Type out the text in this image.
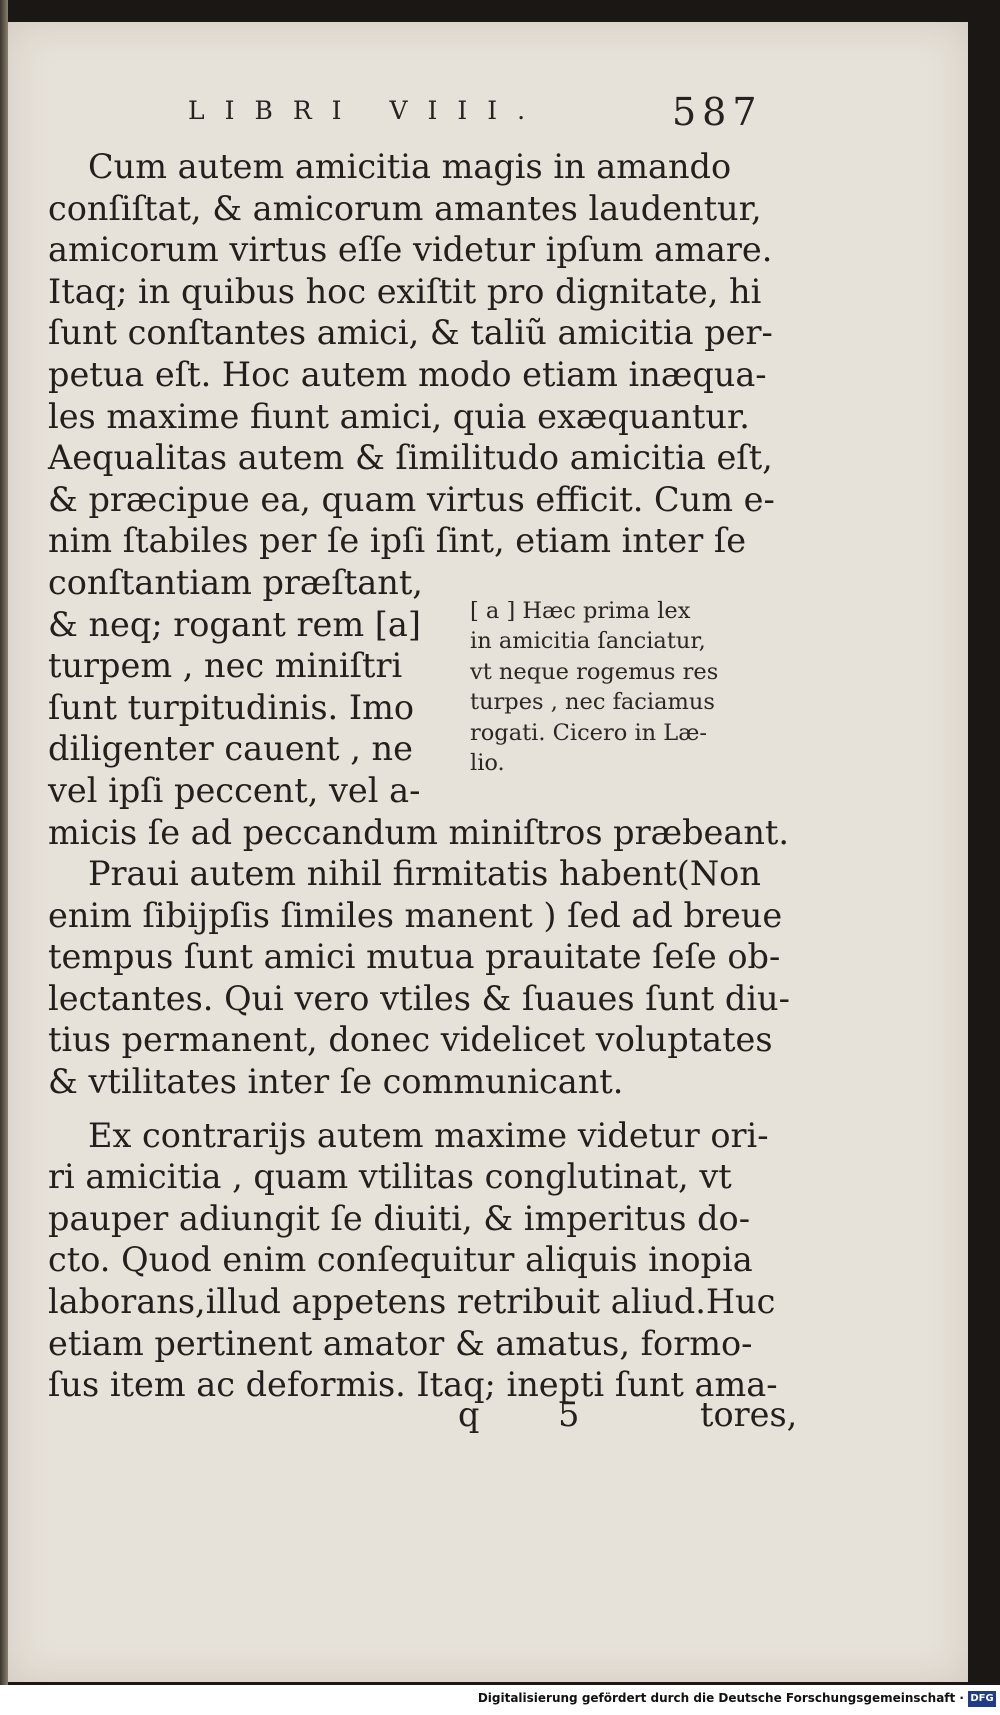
LIBRI VIII.	587
Cum autem amicitia magis in amando
conſiſtat, & amicorum amantes laudentur,
amicorum virtus eſſe videtur ipſum amare.
Itaq; in quibus hoc exiſtit pro dignitate, hi
ſunt conſtantes amici, & taliũ amicitia per-
petua eſt. Hoc autem modo etiam inæqua-
les maxime fiunt amici, quia exæquantur.
Aequalitas autem & ſimilitudo amicitia eſt,
& præcipue ea, quam virtus efficit. Cum e-
nim ſtabiles per ſe ipſi ſint, etiam inter ſe
conſtantiam præſtant,
& neq; rogant rem [a]
turpem , nec miniſtri
ſunt turpitudinis. Imo
diligenter cauent , ne
vel ipſi peccent, vel a-
[ a ] Hæc prima lex
in amicitia ſanciatur,
vt neque rogemus res
turpes , nec faciamus
rogati. Cicero in Læ-
lio.
micis ſe ad peccandum miniſtros præbeant.
Praui autem nihil firmitatis habent(Non
enim ſibijpſis ſimiles manent ) ſed ad breue
tempus ſunt amici mutua prauitate ſeſe ob-
lectantes. Qui vero vtiles & ſuaues ſunt diu-
tius permanent, donec videlicet voluptates
& vtilitates inter ſe communicant.
Ex contrarijs autem maxime videtur ori-
ri amicitia , quam vtilitas conglutinat, vt
pauper adiungit ſe diuiti, & imperitus do-
cto. Quod enim conſequitur aliquis inopia
laborans,illud appetens retribuit aliud.Huc
etiam pertinent amator & amatus, formo-
ſus item ac deformis. Itaq; inepti ſunt ama-
q 5	tores,
Digitalisierung gefördert durch die Deutsche Forschungsgemeinschaft · DFG
